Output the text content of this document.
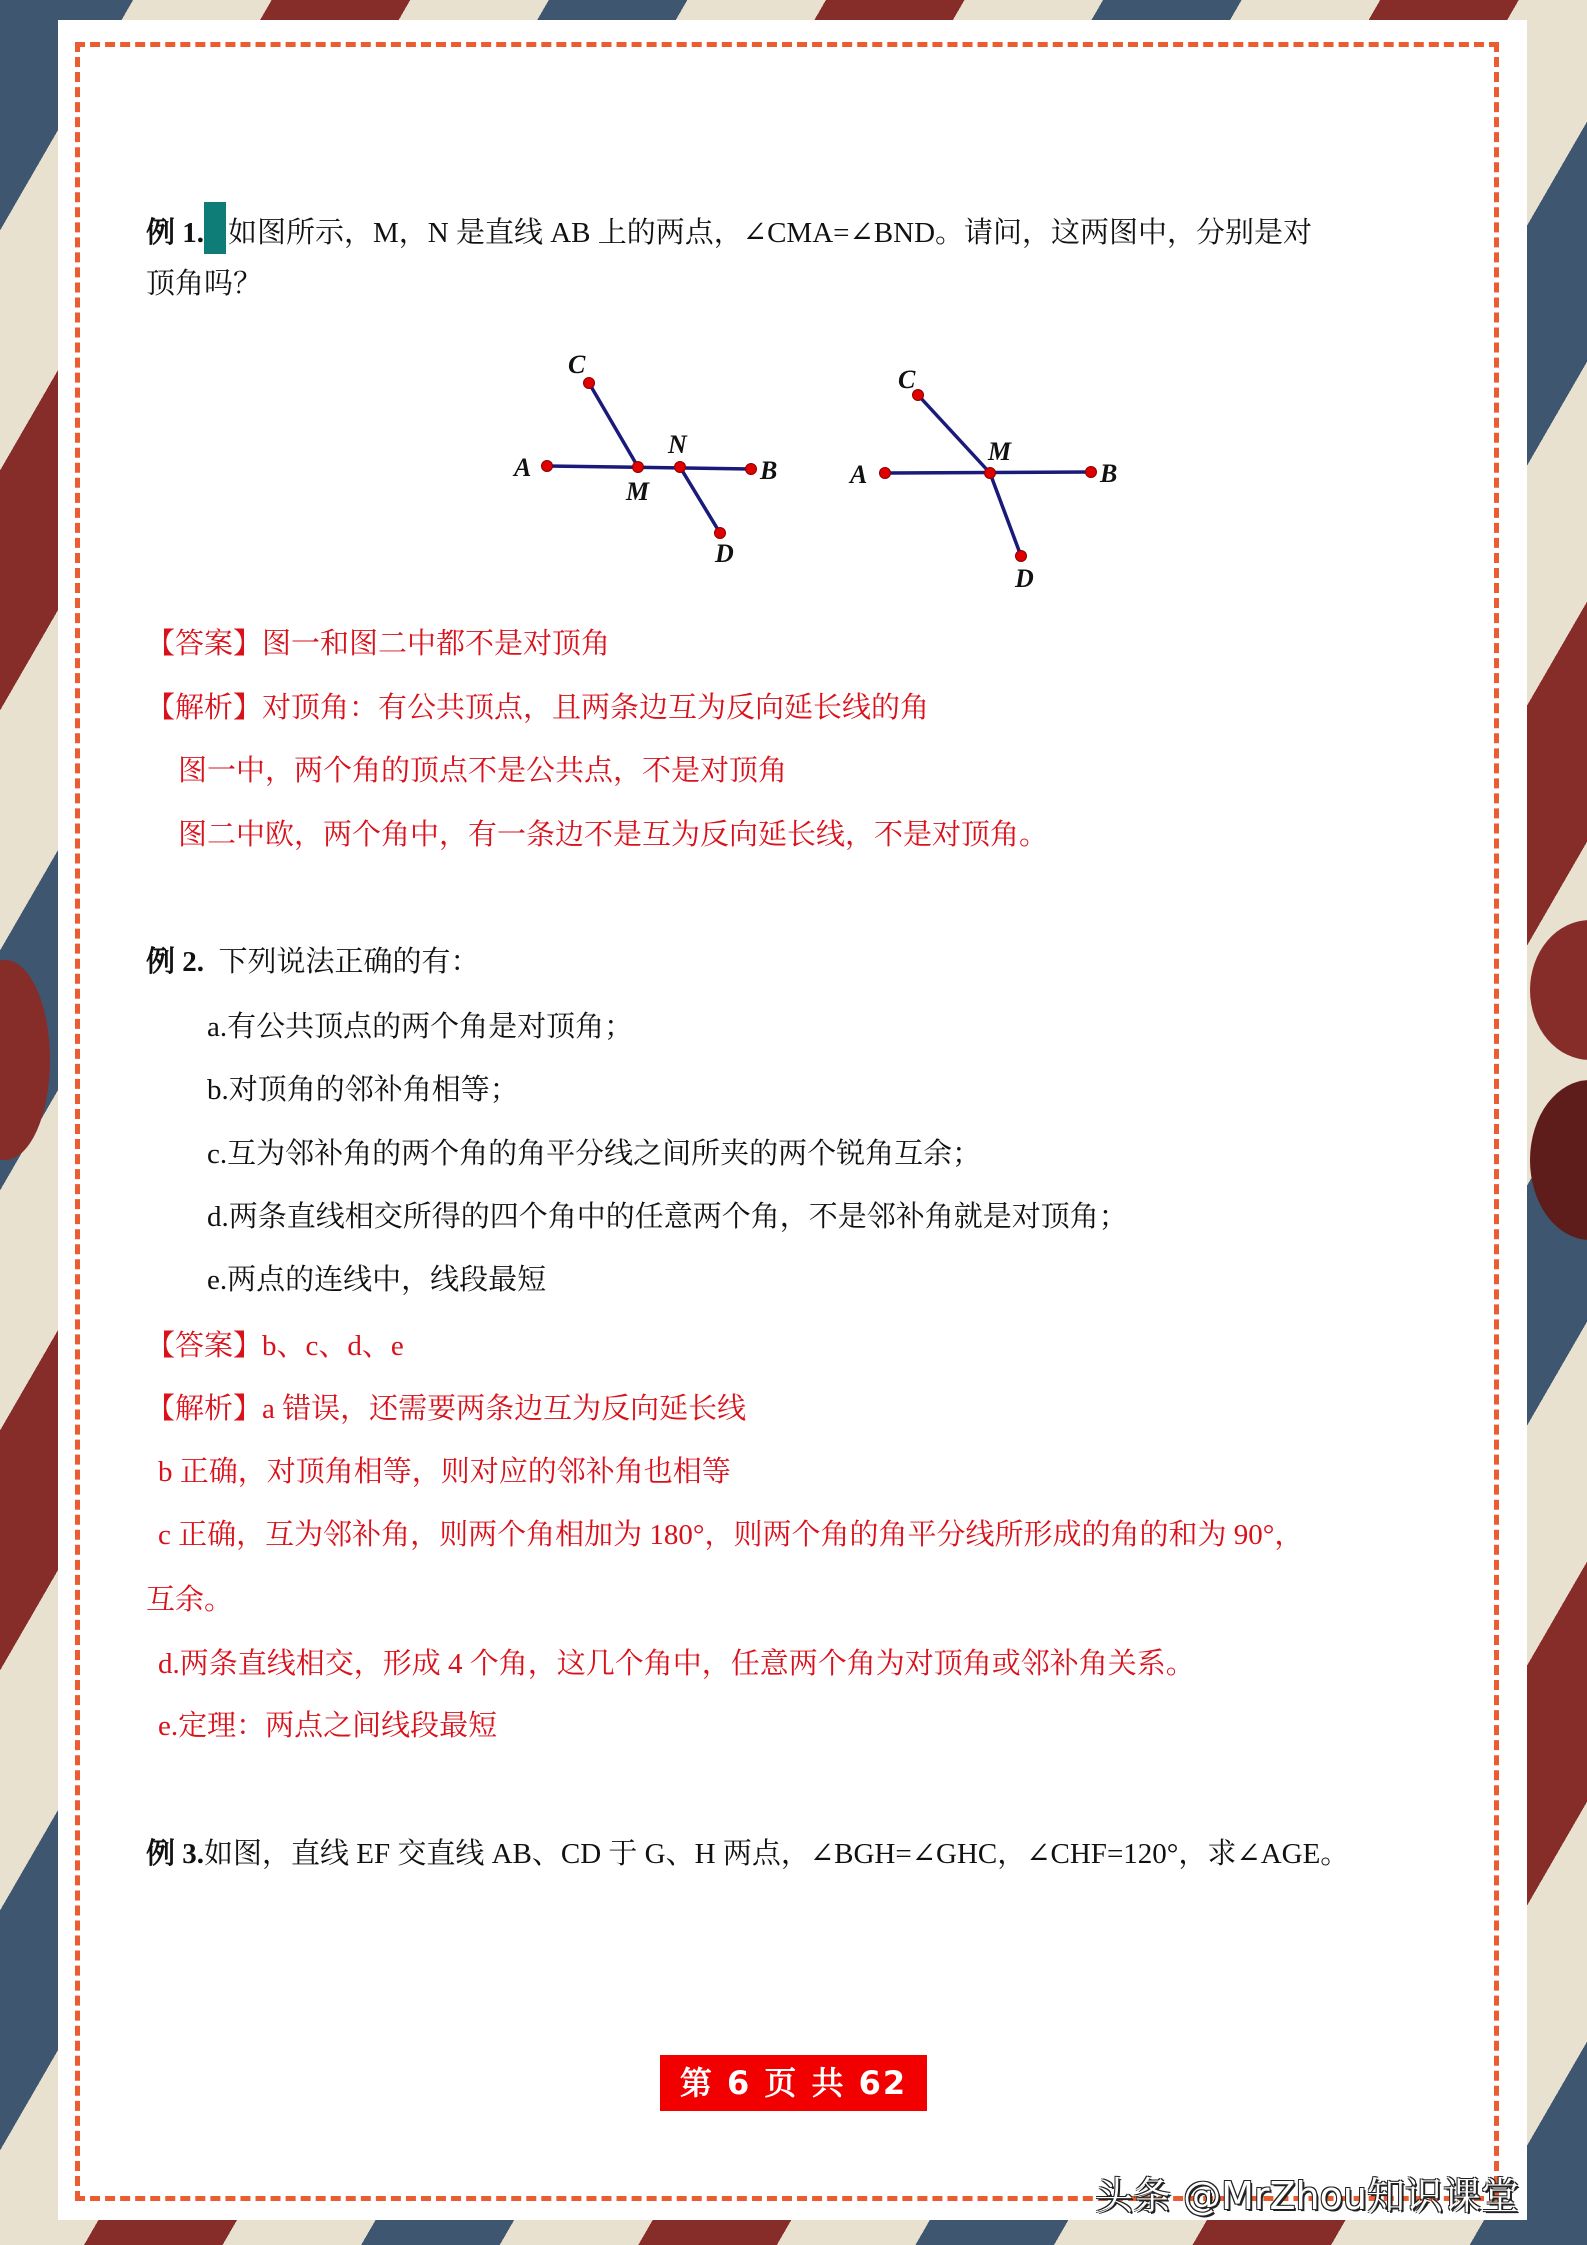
例 1. 如图所示，M，N 是直线 AB 上的两点，∠CMA=∠BND。请问，这两图中，分别是对
顶角吗？
A	B
C
D
M
N
A	B
C
D
M
【答案】图一和图二中都不是对顶角
【解析】对顶角：有公共顶点，且两条边互为反向延长线的角
图一中，两个角的顶点不是公共点，不是对顶角
图二中欧，两个角中，有一条边不是互为反向延长线，不是对顶角。
例 2. 下列说法正确的有：
a.有公共顶点的两个角是对顶角；
b.对顶角的邻补角相等；
c.互为邻补角的两个角的角平分线之间所夹的两个锐角互余；
d.两条直线相交所得的四个角中的任意两个角，不是邻补角就是对顶角；
e.两点的连线中，线段最短
【答案】b、c、d、e
【解析】a 错误，还需要两条边互为反向延长线
b 正确，对顶角相等，则对应的邻补角也相等
c 正确，互为邻补角，则两个角相加为 180°，则两个角的角平分线所形成的角的和为 90°，
互余。
d.两条直线相交，形成 4 个角，这几个角中，任意两个角为对顶角或邻补角关系。
e.定理：两点之间线段最短
例 3.如图，直线 EF 交直线 AB、CD 于 G、H 两点，∠BGH=∠GHC，∠CHF=120°，求∠AGE。
第 6 页 共 62 页
头条 @MrZhou知识课堂
